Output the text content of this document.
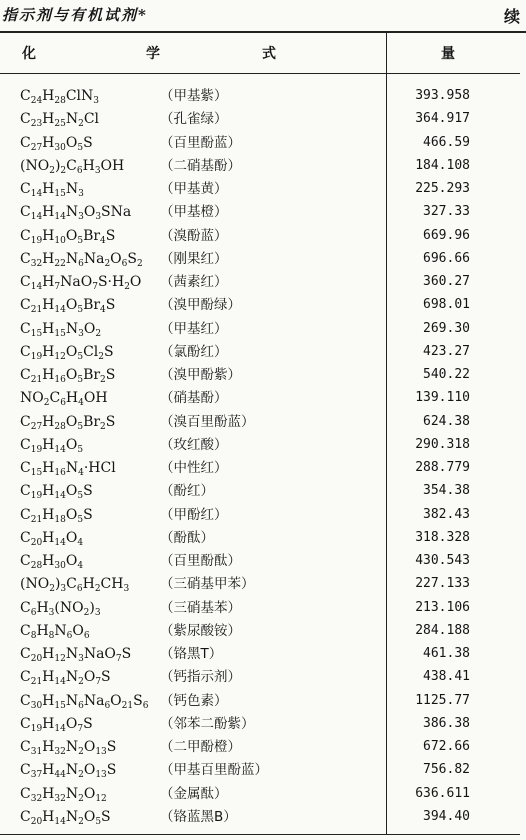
指示剂与有机试剂*	续
化	学	式	量
$C_{24}H_{28}ClN_3$	（甲基紫）	393.958
$C_{23}H_{25}N_2Cl$	（孔雀绿）	364.917
$C_{27}H_{30}O_5S$	（百里酚蓝）	466.59
$(NO_2)_2C_6H_3OH$	（二硝基酚）	184.108
$C_{14}H_{15}N_3$	（甲基黄）	225.293
$C_{14}H_{14}N_3O_3SNa$ （甲基橙）	327.33
$C_{19}H_{10}O_5Br_4S$	（溴酚蓝）	669.96
$C_{32}H_{22}N_6Na_2O_6S_2$ （刚果红）	696.66
$C_{14}H_7NaO_7S\cdot H_2O$ （茜素红）	360.27
$C_{21}H_{14}O_5Br_4S$	（溴甲酚绿）	698.01
$C_{15}H_{15}N_3O_2$	（甲基红）	269.30
$C_{19}H_{12}O_5Cl_2S$	（氯酚红）	423.27
$C_{21}H_{16}O_5Br_2S$	（溴甲酚紫）	540.22
$NO_2C_6H_4OH$	（硝基酚）	139.110
$C_{27}H_{28}O_5Br_2S$	（溴百里酚蓝）	624.38
$C_{19}H_{14}O_5$	（玫红酸）	290.318
$C_{15}H_{16}N_4\cdot HCl$	（中性红）	288.779
$C_{19}H_{14}O_5S$	（酚红）	354.38
$C_{21}H_{18}O_5S$	（甲酚红）	382.43
$C_{20}H_{14}O_4$	（酚酞）	318.328
$C_{28}H_{30}O_4$	（百里酚酞）	430.543
$(NO_2)_3C_6H_2CH_3$ （三硝基甲苯）	227.133
$C_6H_3(NO_2)_3$	（三硝基苯）	213.106
$C_8H_8N_6O_6$	（紫尿酸铵）	284.188
$C_{20}H_{12}N_3NaO_7S$ （铬黑T）	461.38
$C_{21}H_{14}N_2O_7S$	（钙指示剂）	438.41
$C_{30}H_{15}N_6Na_6O_{21}S_6$ （钙色素）	1125.77
$C_{19}H_{14}O_7S$	（邻苯二酚紫）	386.38
$C_{31}H_{32}N_2O_{13}S$	（二甲酚橙）	672.66
$C_{37}H_{44}N_2O_{13}S$	（甲基百里酚蓝）	756.82
$C_{32}H_{32}N_2O_{12}$	（金属酞）	636.611
$C_{20}H_{14}N_2O_5S$	（铬蓝黑B）	394.40
